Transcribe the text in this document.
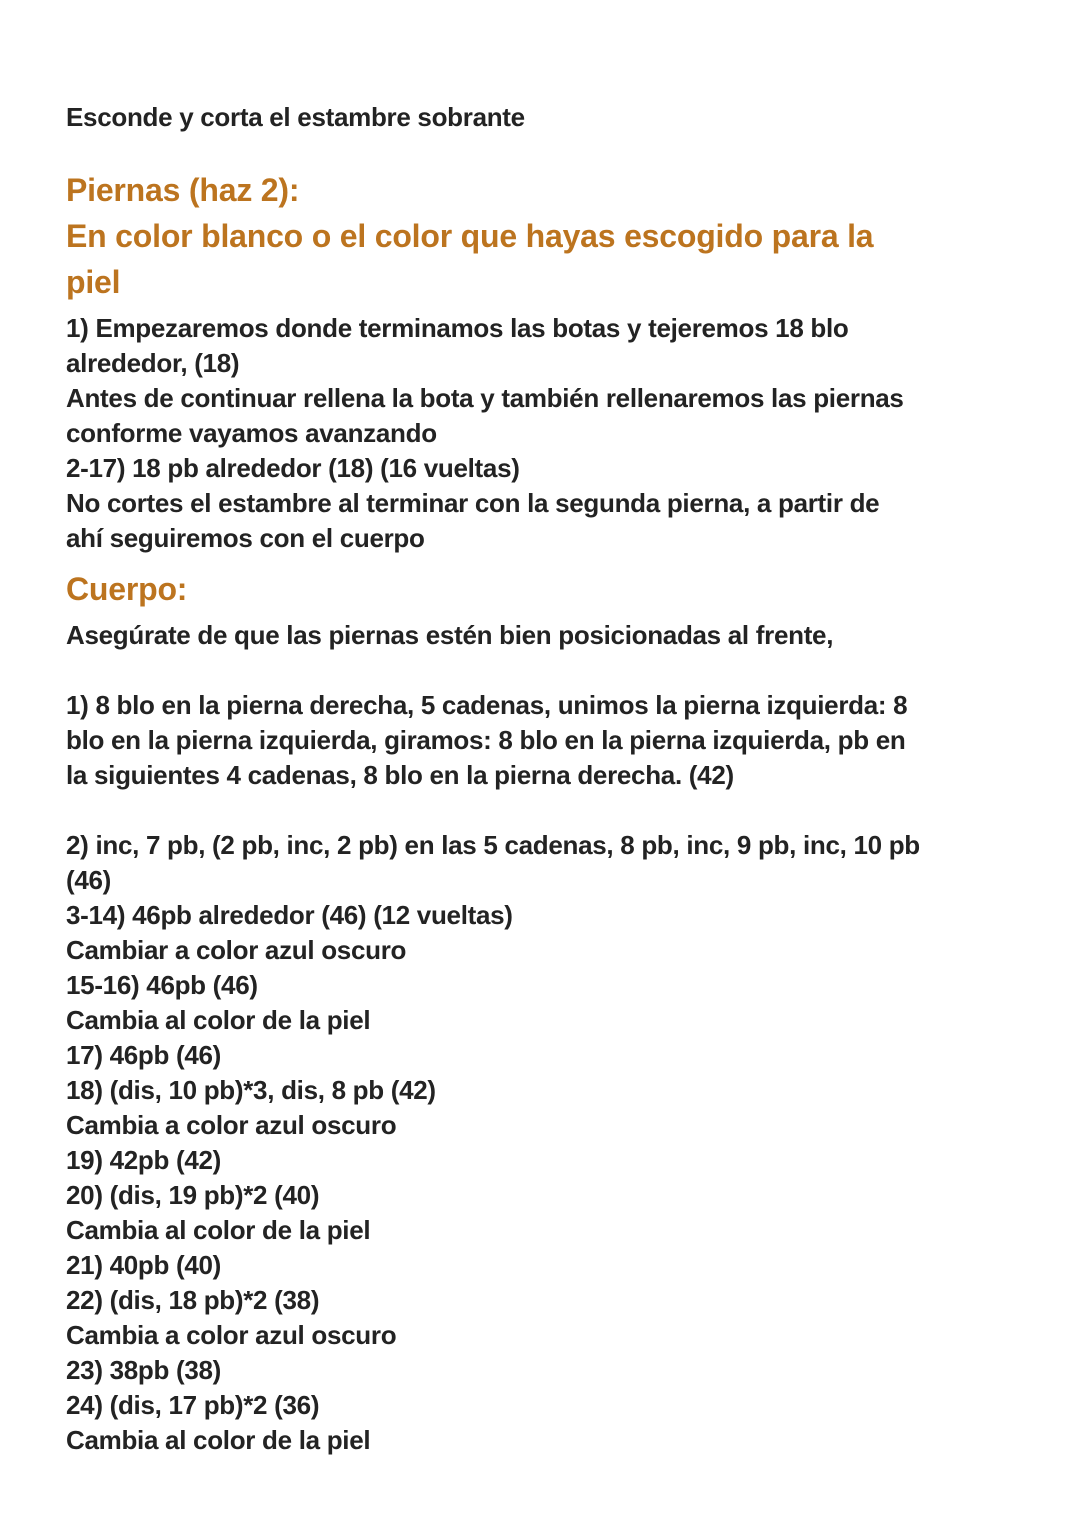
Esconde y corta el estambre sobrante
Piernas (haz 2):
En color blanco o el color que hayas escogido para la
piel
1) Empezaremos donde terminamos las botas y tejeremos 18 blo
alrededor, (18)
Antes de continuar rellena la bota y también rellenaremos las piernas
conforme vayamos avanzando
2-17) 18 pb alrededor (18) (16 vueltas)
No cortes el estambre al terminar con la segunda pierna, a partir de
ahí seguiremos con el cuerpo
Cuerpo:
Asegúrate de que las piernas estén bien posicionadas al frente,
1) 8 blo en la pierna derecha, 5 cadenas, unimos la pierna izquierda: 8
blo en la pierna izquierda, giramos: 8 blo en la pierna izquierda, pb en
la siguientes 4 cadenas, 8 blo en la pierna derecha. (42)
2) inc, 7 pb, (2 pb, inc, 2 pb) en las 5 cadenas, 8 pb, inc, 9 pb, inc, 10 pb
(46)
3-14) 46pb alrededor (46) (12 vueltas)
Cambiar a color azul oscuro
15-16) 46pb (46)
Cambia al color de la piel
17) 46pb (46)
18) (dis, 10 pb)*3, dis, 8 pb (42)
Cambia a color azul oscuro
19) 42pb (42)
20) (dis, 19 pb)*2 (40)
Cambia al color de la piel
21) 40pb (40)
22) (dis, 18 pb)*2 (38)
Cambia a color azul oscuro
23) 38pb (38)
24) (dis, 17 pb)*2 (36)
Cambia al color de la piel
